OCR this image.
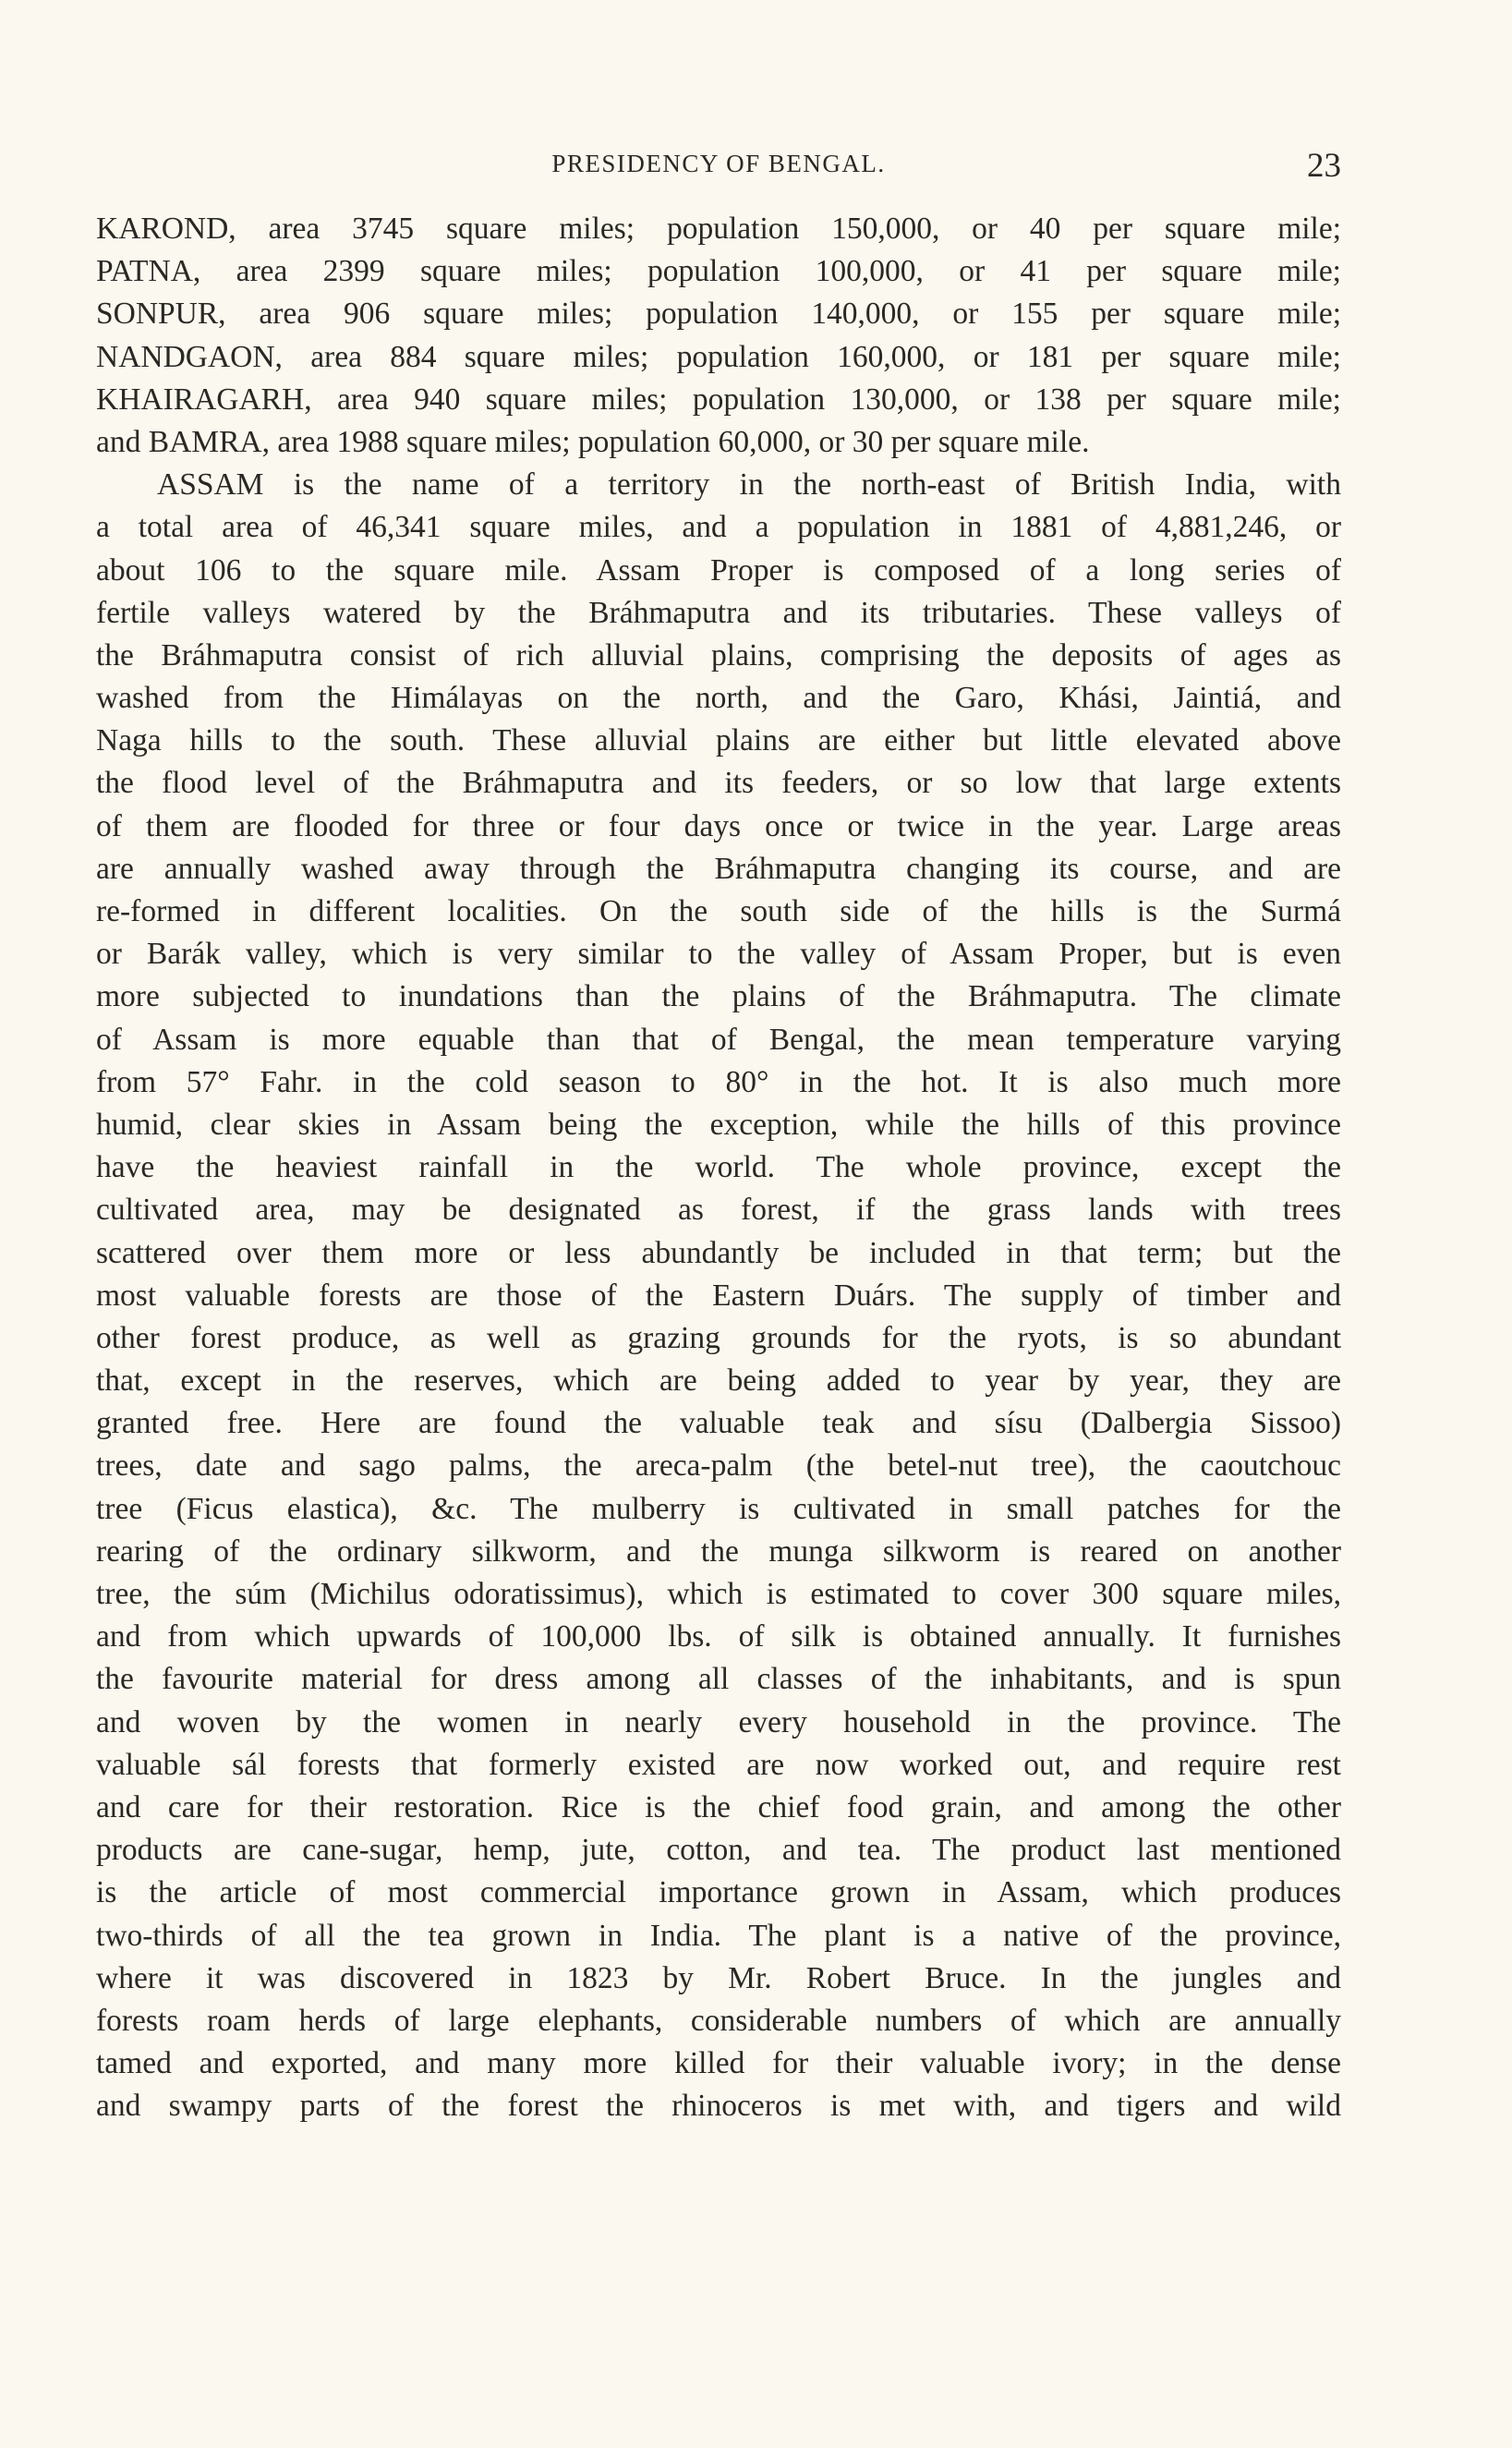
PRESIDENCY OF BENGAL.	23
KAROND, area 3745 square miles; population 150,000, or 40 per square mile;
PATNA, area 2399 square miles; population 100,000, or 41 per square mile;
SONPUR, area 906 square miles; population 140,000, or 155 per square mile;
NANDGAON, area 884 square miles; population 160,000, or 181 per square mile;
KHAIRAGARH, area 940 square miles; population 130,000, or 138 per square mile;
and BAMRA, area 1988 square miles; population 60,000, or 30 per square mile.
ASSAM is the name of a territory in the north-east of British India, with
a total area of 46,341 square miles, and a population in 1881 of 4,881,246, or
about 106 to the square mile. Assam Proper is composed of a long series of
fertile valleys watered by the Bráhmaputra and its tributaries. These valleys of
the Bráhmaputra consist of rich alluvial plains, comprising the deposits of ages as
washed from the Himálayas on the north, and the Garo, Khási, Jaintiá, and
Naga hills to the south. These alluvial plains are either but little elevated above
the flood level of the Bráhmaputra and its feeders, or so low that large extents
of them are flooded for three or four days once or twice in the year. Large areas
are annually washed away through the Bráhmaputra changing its course, and are
re-formed in different localities. On the south side of the hills is the Surmá
or Barák valley, which is very similar to the valley of Assam Proper, but is even
more subjected to inundations than the plains of the Bráhmaputra. The climate
of Assam is more equable than that of Bengal, the mean temperature varying
from 57° Fahr. in the cold season to 80° in the hot. It is also much more
humid, clear skies in Assam being the exception, while the hills of this province
have the heaviest rainfall in the world. The whole province, except the
cultivated area, may be designated as forest, if the grass lands with trees
scattered over them more or less abundantly be included in that term; but the
most valuable forests are those of the Eastern Duárs. The supply of timber and
other forest produce, as well as grazing grounds for the ryots, is so abundant
that, except in the reserves, which are being added to year by year, they are
granted free. Here are found the valuable teak and sísu (Dalbergia Sissoo)
trees, date and sago palms, the areca-palm (the betel-nut tree), the caoutchouc
tree (Ficus elastica), &c. The mulberry is cultivated in small patches for the
rearing of the ordinary silkworm, and the munga silkworm is reared on another
tree, the súm (Michilus odoratissimus), which is estimated to cover 300 square miles,
and from which upwards of 100,000 lbs. of silk is obtained annually. It furnishes
the favourite material for dress among all classes of the inhabitants, and is spun
and woven by the women in nearly every household in the province. The
valuable sál forests that formerly existed are now worked out, and require rest
and care for their restoration. Rice is the chief food grain, and among the other
products are cane-sugar, hemp, jute, cotton, and tea. The product last mentioned
is the article of most commercial importance grown in Assam, which produces
two-thirds of all the tea grown in India. The plant is a native of the province,
where it was discovered in 1823 by Mr. Robert Bruce. In the jungles and
forests roam herds of large elephants, considerable numbers of which are annually
tamed and exported, and many more killed for their valuable ivory; in the dense
and swampy parts of the forest the rhinoceros is met with, and tigers and wild
